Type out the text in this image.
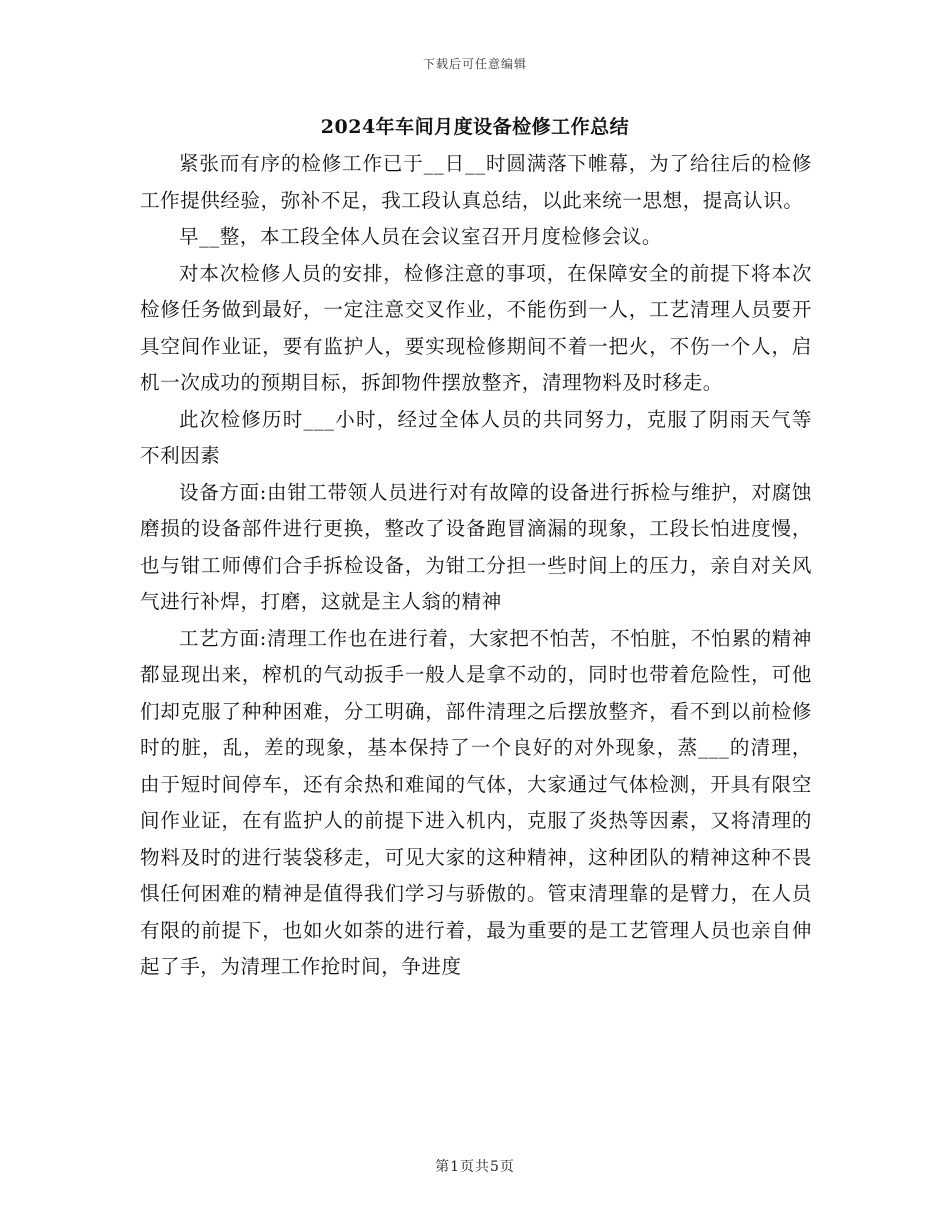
下载后可任意编辑
2024年车间月度设备检修工作总结

紧张而有序的检修工作已于__日__时圆满落下帷幕，为了给往后的检修工作提供经验，弥补不足，我工段认真总结，以此来统一思想，提高认识。

早__整，本工段全体人员在会议室召开月度检修会议。

对本次检修人员的安排，检修注意的事项，在保障安全的前提下将本次检修任务做到最好，一定注意交叉作业，不能伤到一人，工艺清理人员要开具空间作业证，要有监护人，要实现检修期间不着一把火，不伤一个人，启机一次成功的预期目标，拆卸物件摆放整齐，清理物料及时移走。

此次检修历时___小时，经过全体人员的共同努力，克服了阴雨天气等不利因素

设备方面:由钳工带领人员进行对有故障的设备进行拆检与维护，对腐蚀磨损的设备部件进行更换，整改了设备跑冒滴漏的现象，工段长怕进度慢，也与钳工师傅们合手拆检设备，为钳工分担一些时间上的压力，亲自对关风气进行补焊，打磨，这就是主人翁的精神

工艺方面:清理工作也在进行着，大家把不怕苦，不怕脏，不怕累的精神都显现出来，榨机的气动扳手一般人是拿不动的，同时也带着危险性，可他们却克服了种种困难，分工明确，部件清理之后摆放整齐，看不到以前检修时的脏，乱，差的现象，基本保持了一个良好的对外现象，蒸___的清理，由于短时间停车，还有余热和难闻的气体，大家通过气体检测，开具有限空间作业证，在有监护人的前提下进入机内，克服了炎热等因素，又将清理的物料及时的进行装袋移走，可见大家的这种精神，这种团队的精神这种不畏惧任何困难的精神是值得我们学习与骄傲的。管束清理靠的是臂力，在人员有限的前提下，也如火如荼的进行着，最为重要的是工艺管理人员也亲自伸起了手，为清理工作抢时间，争进度

第1页共5页
